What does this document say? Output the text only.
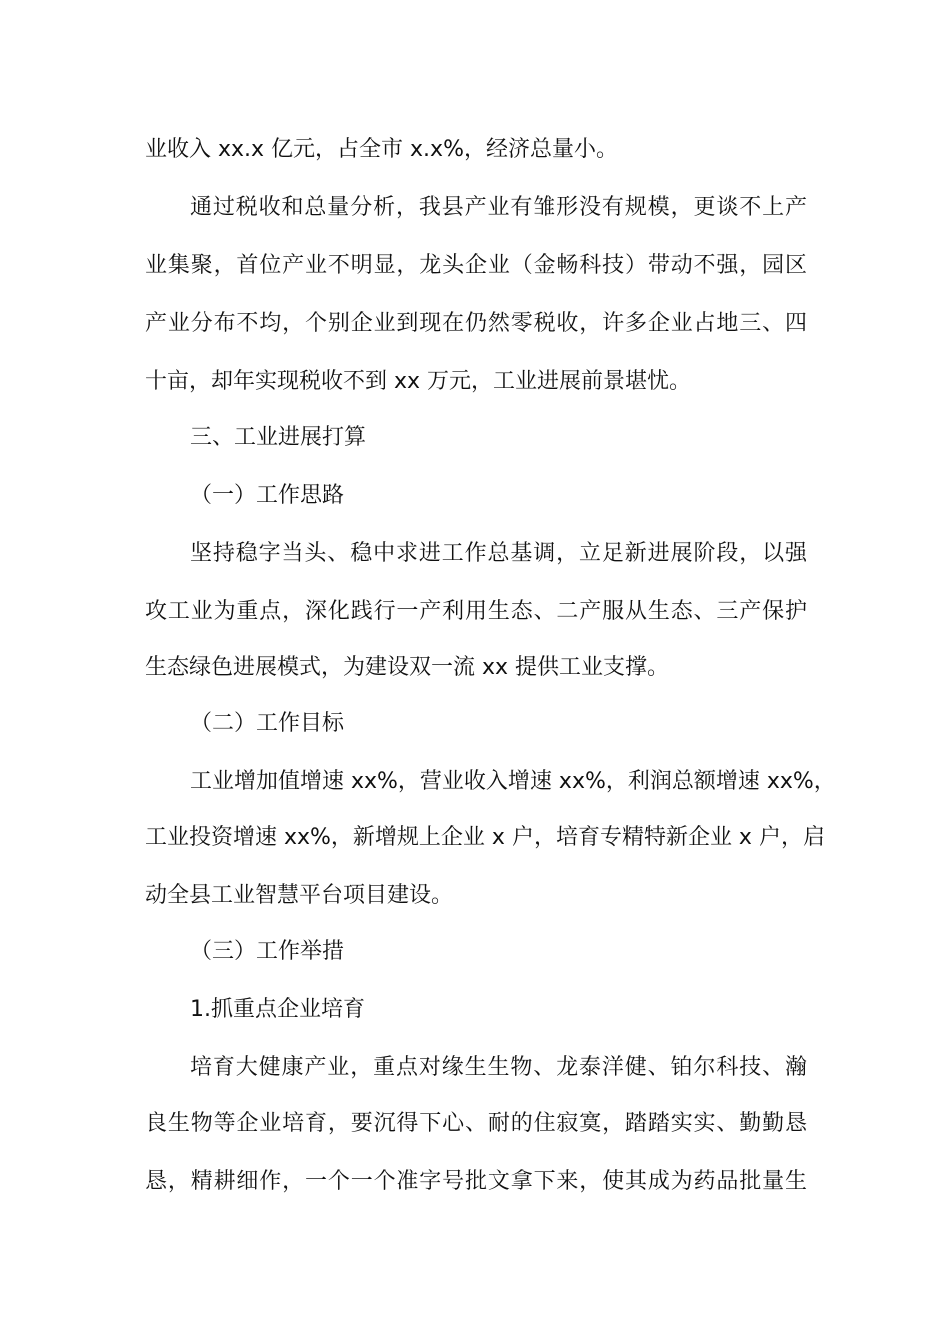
业收入 xx.x 亿元，占全市 x.x%，经济总量小。

通过税收和总量分析，我县产业有雏形没有规模，更谈不上产

业集聚，首位产业不明显，龙头企业（金畅科技）带动不强，园区

产业分布不均，个别企业到现在仍然零税收，许多企业占地三、四

十亩，却年实现税收不到 xx 万元，工业进展前景堪忧。

三、工业进展打算

（一）工作思路

坚持稳字当头、稳中求进工作总基调，立足新进展阶段，以强

攻工业为重点，深化践行一产利用生态、二产服从生态、三产保护

生态绿色进展模式，为建设双一流 xx 提供工业支撑。

（二）工作目标

工业增加值增速 xx%，营业收入增速 xx%，利润总额增速 xx%，

工业投资增速 xx%，新增规上企业 x 户，培育专精特新企业 x 户，启

动全县工业智慧平台项目建设。

（三）工作举措

1.抓重点企业培育

培育大健康产业，重点对缘生生物、龙泰洋健、铂尔科技、瀚

良生物等企业培育，要沉得下心、耐的住寂寞，踏踏实实、勤勤恳

恳，精耕细作，一个一个准字号批文拿下来，使其成为药品批量生
